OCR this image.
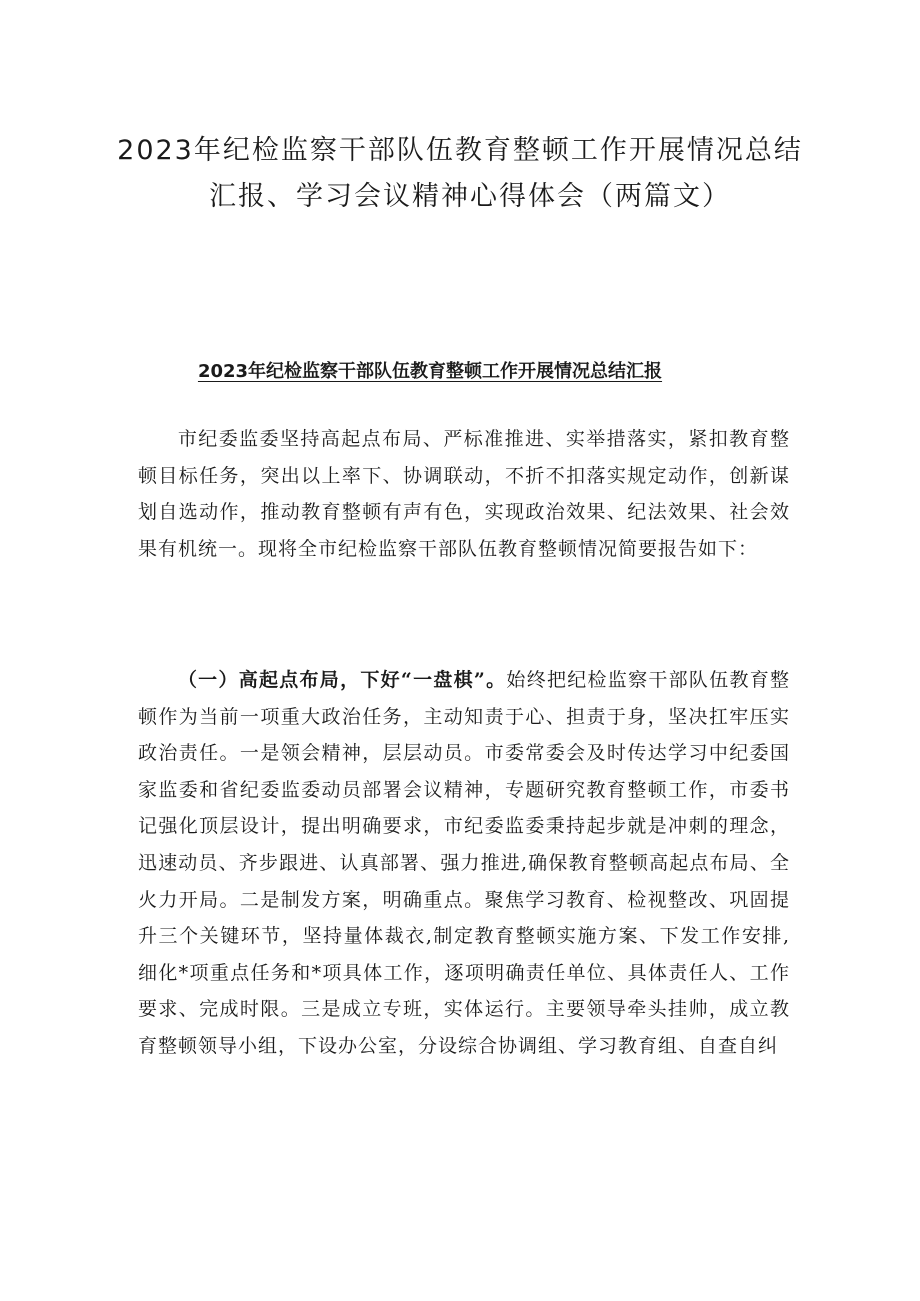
2023年纪检监察干部队伍教育整顿工作开展情况总结
汇报、学习会议精神心得体会（两篇文）
2023年纪检监察干部队伍教育整顿工作开展情况总结汇报

市纪委监委坚持高起点布局、严标准推进、实举措落实，紧扣教育整顿目标任务，突出以上率下、协调联动，不折不扣落实规定动作，创新谋划自选动作，推动教育整顿有声有色，实现政治效果、纪法效果、社会效果有机统一。现将全市纪检监察干部队伍教育整顿情况简要报告如下：

（一）高起点布局，下好“一盘棋”。始终把纪检监察干部队伍教育整顿作为当前一项重大政治任务，主动知责于心、担责于身，坚决扛牢压实政治责任。一是领会精神，层层动员。市委常委会及时传达学习中纪委国家监委和省纪委监委动员部署会议精神，专题研究教育整顿工作，市委书记强化顶层设计，提出明确要求，市纪委监委秉持起步就是冲刺的理念，迅速动员、齐步跟进、认真部署、强力推进,确保教育整顿高起点布局、全火力开局。二是制发方案，明确重点。聚焦学习教育、检视整改、巩固提升三个关键环节，坚持量体裁衣,制定教育整顿实施方案、下发工作安排,细化*项重点任务和*项具体工作，逐项明确责任单位、具体责任人、工作要求、完成时限。三是成立专班，实体运行。主要领导牵头挂帅，成立教育整顿领导小组，下设办公室，分设综合协调组、学习教育组、自查自纠
